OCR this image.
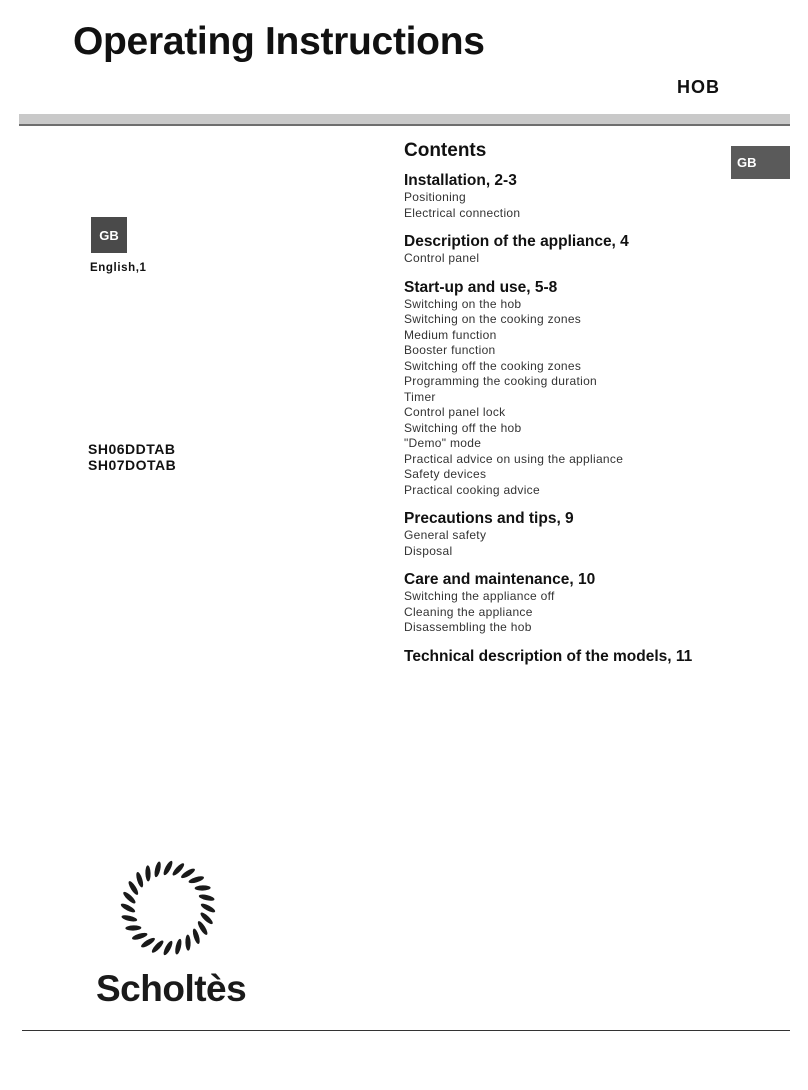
Operating Instructions
HOB
GB
GB
English,1
SH06DDTAB
SH07DOTAB
Contents
Installation, 2-3
Positioning
Electrical connection
Description of the appliance, 4
Control panel
Start-up and use, 5-8
Switching on the hob
Switching on the cooking zones
Medium function
Booster function
Switching off the cooking zones
Programming the cooking duration
Timer
Control panel lock
Switching off the hob
"Demo" mode
Practical advice on using the appliance
Safety devices
Practical cooking advice
Precautions and tips, 9
General safety
Disposal
Care and maintenance, 10
Switching the appliance off
Cleaning the appliance
Disassembling the hob
Technical description of the models, 11
Scholtès
